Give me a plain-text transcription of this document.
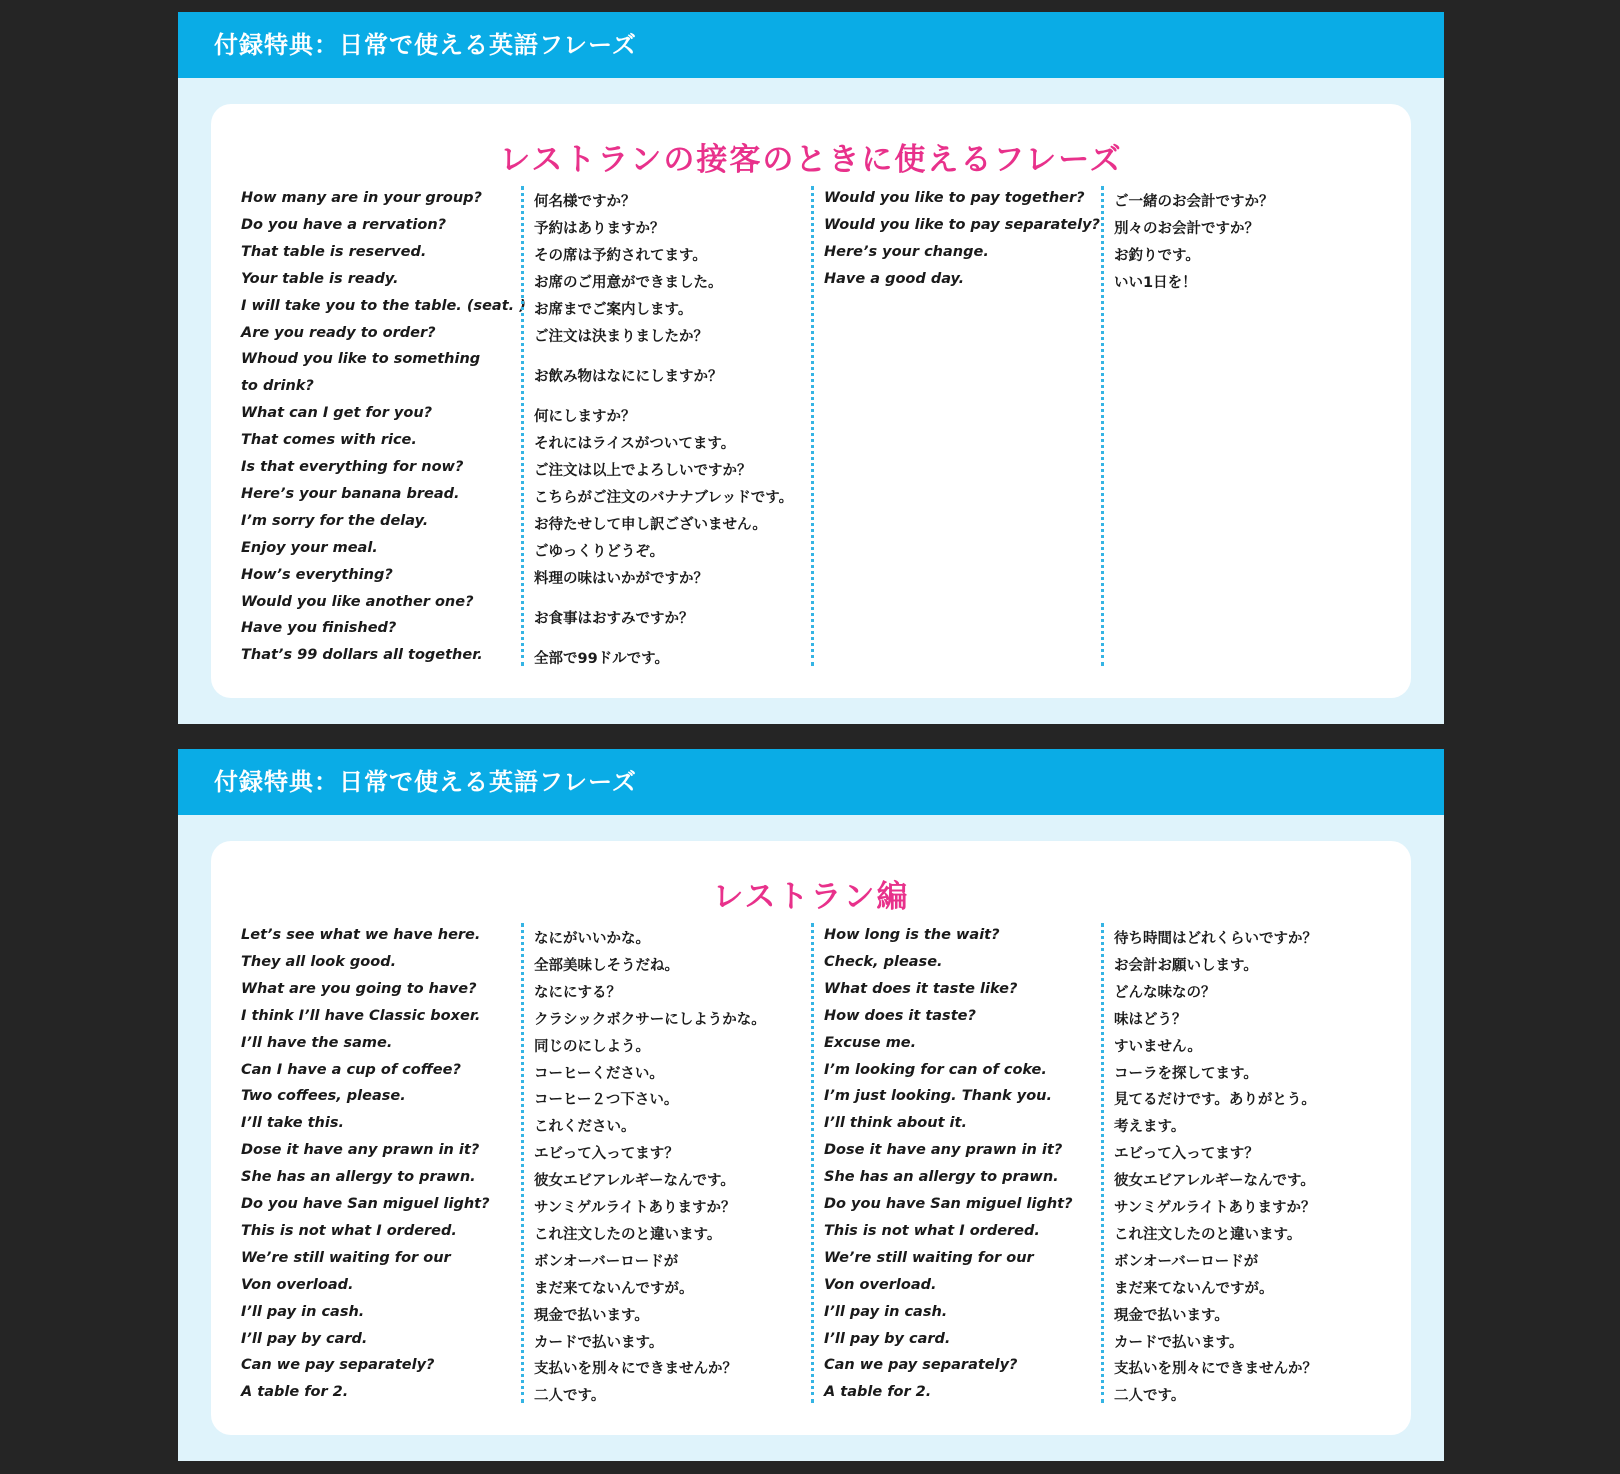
付録特典：日常で使える英語フレーズ
レストランの接客のときに使えるフレーズ
How many are in your group?
Do you have a rervation?
That table is reserved.
Your table is ready.
I will take you to the table. (seat. )
Are you ready to order?
Whoud you like to something
to drink?
What can I get for you?
That comes with rice.
Is that everything for now?
Here’s your banana bread.
I’m sorry for the delay.
Enjoy your meal.
How’s everything?
Would you like another one?
Have you finished?
That’s 99 dollars all together.
何名様ですか？
予約はありますか？
その席は予約されてます。
お席のご用意ができました。
お席までご案内します。
ご注文は決まりましたか？
お飲み物はなににしますか？
何にしますか？
それにはライスがついてます。
ご注文は以上でよろしいですか？
こちらがご注文のバナナブレッドです。
お待たせして申し訳ございません。
ごゆっくりどうぞ。
料理の味はいかがですか？
お食事はおすみですか？
全部で99ドルです。
Would you like to pay together?
Would you like to pay separately?
Here’s your change.
Have a good day.
ご一緒のお会計ですか？
別々のお会計ですか？
お釣りです。
いい1日を！
付録特典：日常で使える英語フレーズ
レストラン編
Let’s see what we have here.
They all look good.
What are you going to have?
I think I’ll have Classic boxer.
I’ll have the same.
Can I have a cup of coffee?
Two coffees, please.
I’ll take this.
Dose it have any prawn in it?
She has an allergy to prawn.
Do you have San miguel light?
This is not what I ordered.
We’re still waiting for our
Von overload.
I’ll pay in cash.
I’ll pay by card.
Can we pay separately?
A table for 2.
なにがいいかな。
全部美味しそうだね。
なににする？
クラシックボクサーにしようかな。
同じのにしよう。
コーヒーください。
コーヒー２つ下さい。
これください。
エビって入ってます？
彼女エビアレルギーなんです。
サンミゲルライトありますか？
これ注文したのと違います。
ボンオーバーロードが
まだ来てないんですが。
現金で払います。
カードで払います。
支払いを別々にできませんか？
二人です。
How long is the wait?
Check, please.
What does it taste like?
How does it taste?
Excuse me.
I’m looking for can of coke.
I’m just looking. Thank you.
I’ll think about it.
Dose it have any prawn in it?
She has an allergy to prawn.
Do you have San miguel light?
This is not what I ordered.
We’re still waiting for our
Von overload.
I’ll pay in cash.
I’ll pay by card.
Can we pay separately?
A table for 2.
待ち時間はどれくらいですか？
お会計お願いします。
どんな味なの？
味はどう？
すいません。
コーラを探してます。
見てるだけです。ありがとう。
考えます。
エビって入ってます？
彼女エビアレルギーなんです。
サンミゲルライトありますか？
これ注文したのと違います。
ボンオーバーロードが
まだ来てないんですが。
現金で払います。
カードで払います。
支払いを別々にできませんか？
二人です。
